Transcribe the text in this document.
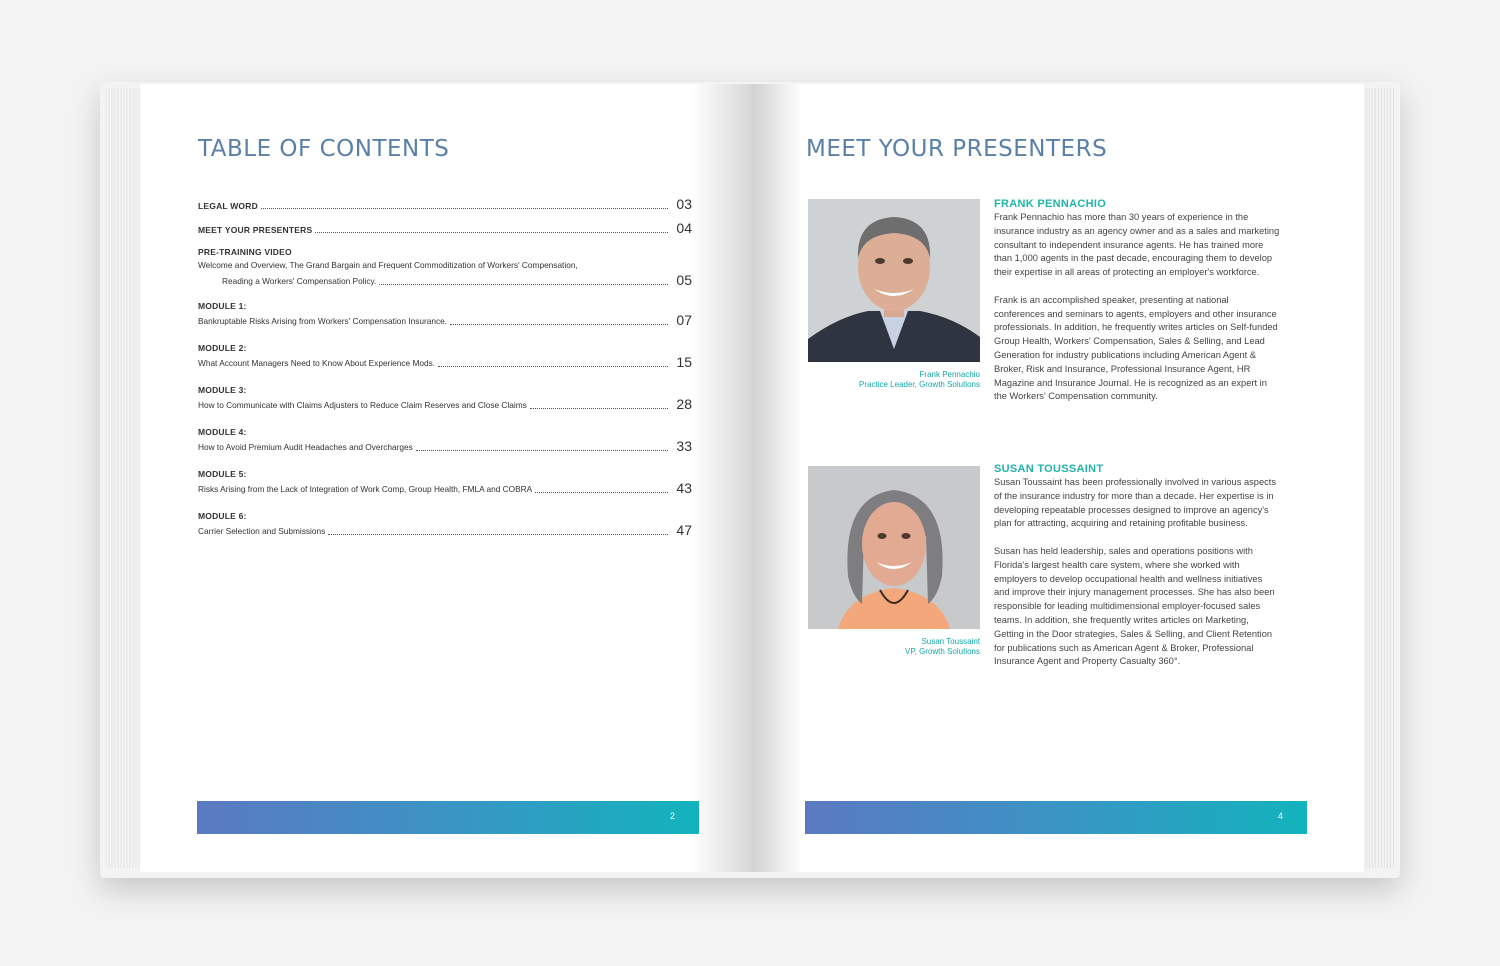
TABLE OF CONTENTS
LEGAL WORD	03
MEET YOUR PRESENTERS	04
PRE-TRAINING VIDEO
Welcome and Overview, The Grand Bargain and Frequent Commoditization of Workers' Compensation,
Reading a Workers' Compensation Policy.	05
MODULE 1:
Bankruptable Risks Arising from Workers' Compensation Insurance.	07
MODULE 2:
What Account Managers Need to Know About Experience Mods.	15
MODULE 3:
How to Communicate with Claims Adjusters to Reduce Claim Reserves and Close Claims	28
MODULE 4:
How to Avoid Premium Audit Headaches and Overcharges	33
MODULE 5:
Risks Arising from the Lack of Integration of Work Comp, Group Health, FMLA and COBRA	43
MODULE 6:
Carrier Selection and Submissions	47
2
MEET YOUR PRESENTERS
Frank Pennachio
Practice Leader, Growth Solutions
FRANK PENNACHIO

Frank Pennachio has more than 30 years of experience in the insurance industry as an agency owner and as a sales and marketing consultant to independent insurance agents. He has trained more than 1,000 agents in the past decade, encouraging them to develop their expertise in all areas of protecting an employer's workforce.

Frank is an accomplished speaker, presenting at national conferences and seminars to agents, employers and other insurance professionals. In addition, he frequently writes articles on Self-funded Group Health, Workers' Compensation, Sales & Selling, and Lead Generation for industry publications including American Agent & Broker, Risk and Insurance, Professional Insurance Agent, HR Magazine and Insurance Journal. He is recognized as an expert in the Workers' Compensation community.

Susan Toussaint
VP, Growth Solutions
SUSAN TOUSSAINT

Susan Toussaint has been professionally involved in various aspects of the insurance industry for more than a decade. Her expertise is in developing repeatable processes designed to improve an agency's plan for attracting, acquiring and retaining profitable business.

Susan has held leadership, sales and operations positions with Florida's largest health care system, where she worked with employers to develop occupational health and wellness initiatives and improve their injury management processes. She has also been responsible for leading multidimensional employer-focused sales teams. In addition, she frequently writes articles on Marketing, Getting in the Door strategies, Sales & Selling, and Client Retention for publications such as American Agent & Broker, Professional Insurance Agent and Property Casualty 360°.

4
